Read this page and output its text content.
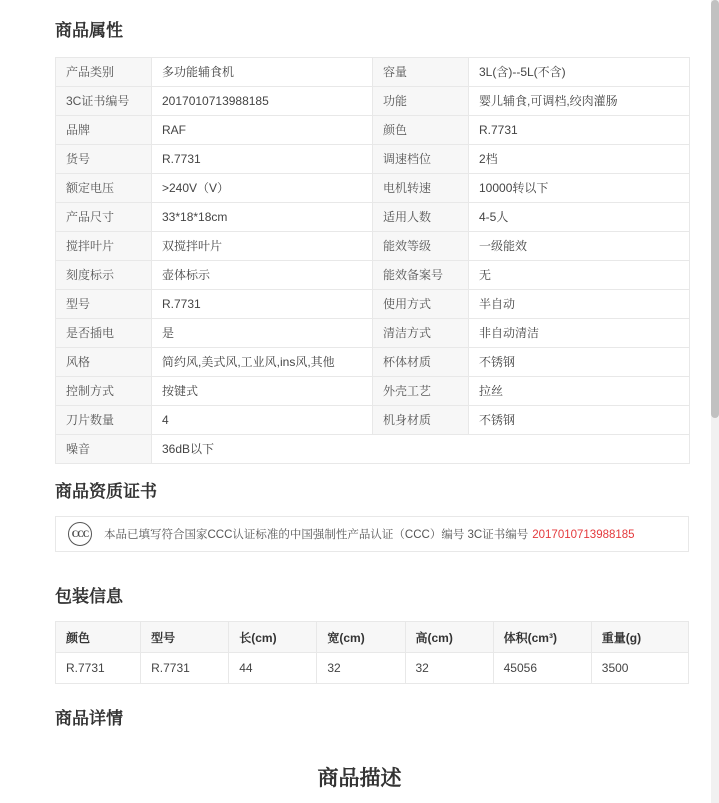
商品属性
产品类别	多功能辅食机	容量	3L(含)--5L(不含)
3C证书编号	2017010713988185	功能	婴儿辅食,可调档,绞肉灌肠
品牌	RAF	颜色	R.7731
货号	R.7731	调速档位	2档
额定电压	>240V（V）	电机转速	10000转以下
产品尺寸	33*18*18cm	适用人数	4-5人
搅拌叶片	双搅拌叶片	能效等级	一级能效
刻度标示	壶体标示	能效备案号	无
型号	R.7731	使用方式	半自动
是否插电	是	清洁方式	非自动清洁
风格	简约风,美式风,工业风,ins风,其他	杯体材质	不锈钢
控制方式	按键式	外壳工艺	拉丝
刀片数量	4	机身材质	不锈钢
噪音	36dB以下		
商品资质证书
CCC	本品已填写符合国家CCC认证标准的中国强制性产品认证（CCC）编号 3C证书编号 2017010713988185
包装信息
颜色	型号	长(cm)	宽(cm)	高(cm)	体积(cm³)	重量(g)
R.7731	R.7731	44	32	32	45056	3500
商品详情
商品描述
